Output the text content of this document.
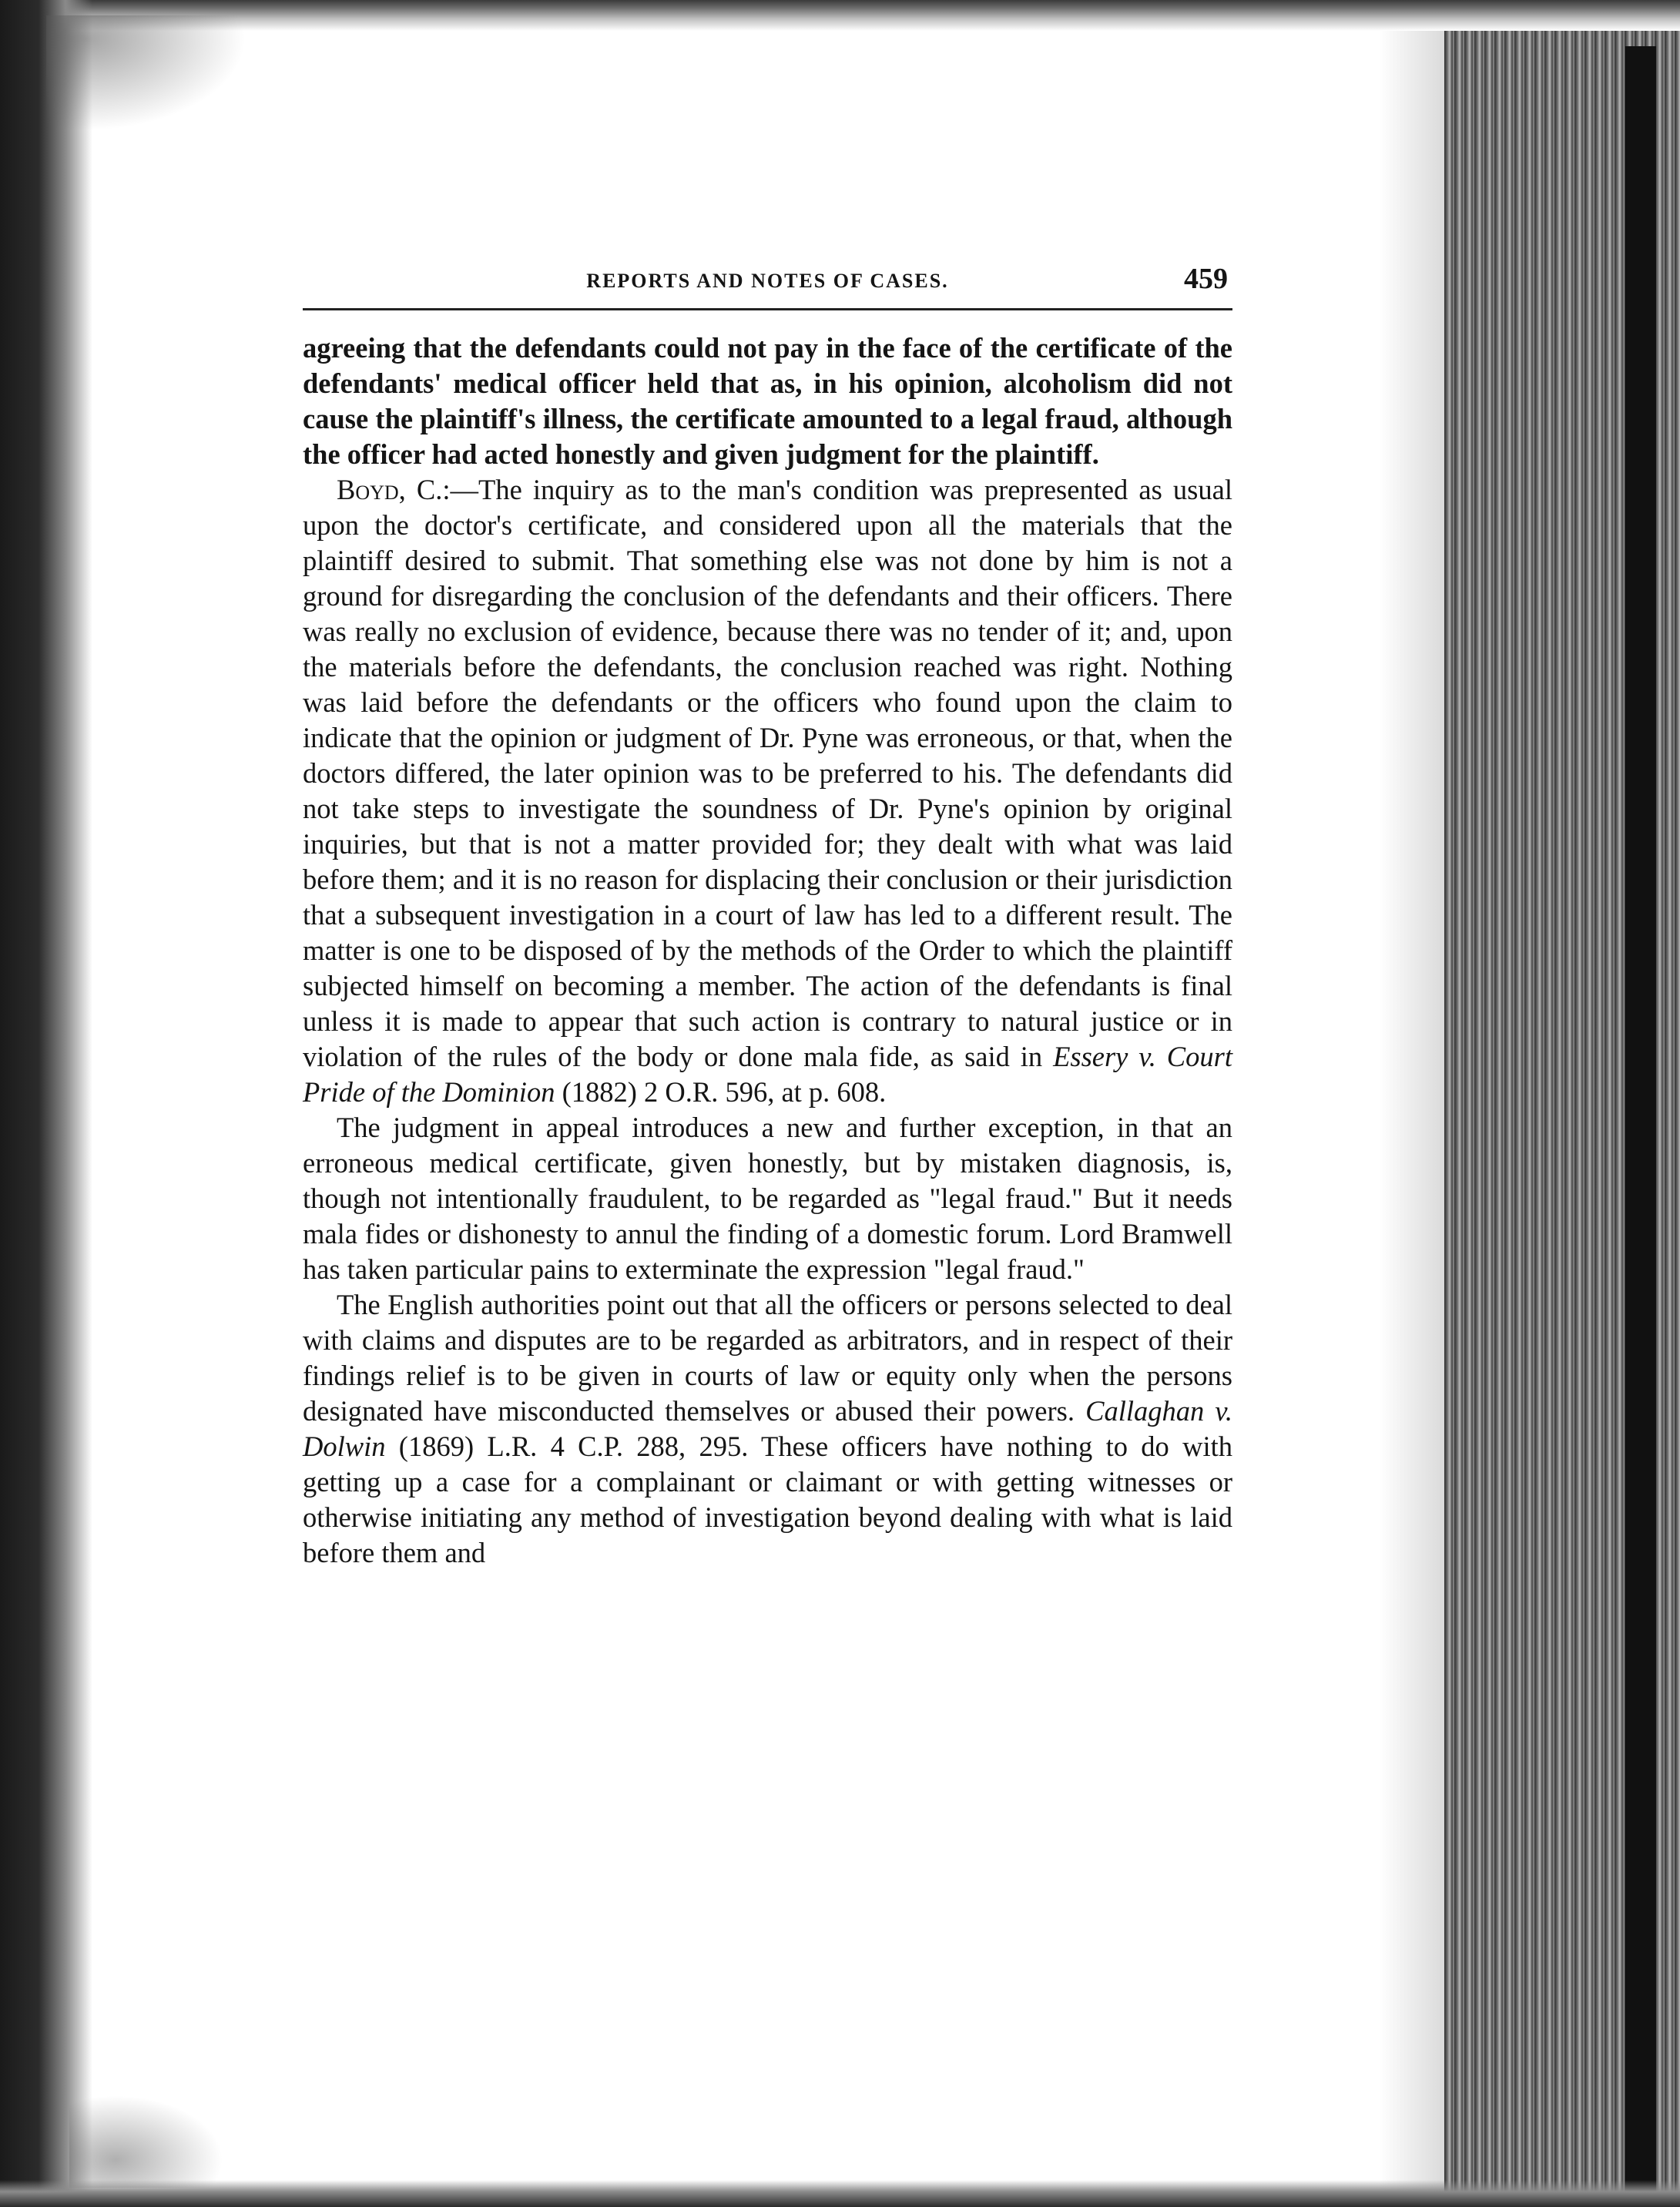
REPORTS AND NOTES OF CASES.	459

agreeing that the defendants could not pay in the face of the certificate of the defendants' medical officer held that as, in his opinion, alcoholism did not cause the plaintiff's illness, the certificate amounted to a legal fraud, although the officer had acted honestly and given judgment for the plaintiff.

Boyd, C.:—The inquiry as to the man's condition was prepresented as usual upon the doctor's certificate, and considered upon all the materials that the plaintiff desired to submit. That something else was not done by him is not a ground for disregarding the conclusion of the defendants and their officers. There was really no exclusion of evidence, because there was no tender of it; and, upon the materials before the defendants, the conclusion reached was right. Nothing was laid before the defendants or the officers who found upon the claim to indicate that the opinion or judgment of Dr. Pyne was erroneous, or that, when the doctors differed, the later opinion was to be preferred to his. The defendants did not take steps to investigate the soundness of Dr. Pyne's opinion by original inquiries, but that is not a matter provided for; they dealt with what was laid before them; and it is no reason for displacing their conclusion or their jurisdiction that a subsequent investigation in a court of law has led to a different result. The matter is one to be disposed of by the methods of the Order to which the plaintiff subjected himself on becoming a member. The action of the defendants is final unless it is made to appear that such action is contrary to natural justice or in violation of the rules of the body or done mala fide, as said in Essery v. Court Pride of the Dominion (1882) 2 O.R. 596, at p. 608.

The judgment in appeal introduces a new and further exception, in that an erroneous medical certificate, given honestly, but by mistaken diagnosis, is, though not intentionally fraudulent, to be regarded as "legal fraud." But it needs mala fides or dishonesty to annul the finding of a domestic forum. Lord Bramwell has taken particular pains to exterminate the expression "legal fraud."

The English authorities point out that all the officers or persons selected to deal with claims and disputes are to be regarded as arbitrators, and in respect of their findings relief is to be given in courts of law or equity only when the persons designated have misconducted themselves or abused their powers. Callaghan v. Dolwin (1869) L.R. 4 C.P. 288, 295. These officers have nothing to do with getting up a case for a complainant or claimant or with getting witnesses or otherwise initiating any method of investigation beyond dealing with what is laid before them and
